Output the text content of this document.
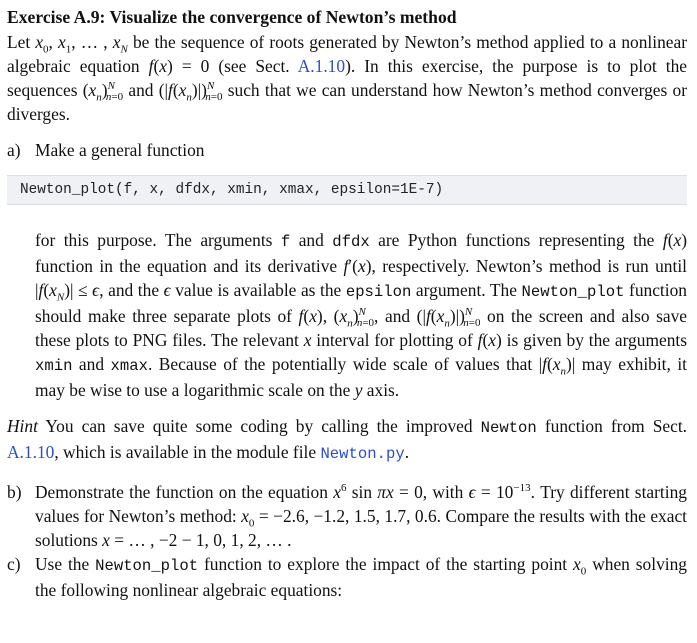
Exercise A.9: Visualize the convergence of Newton’s method

Let $x_0$, $x_1$, … , $x_N$ be the sequence of roots generated by Newton’s method applied to a nonlinear algebraic equation f(x) = 0 (see Sect. A.1.10). In this exercise, the purpose is to plot the sequences $(x_n)^N_{n=0}$ and $(|f(x_n)|)^N_{n=0}$ such that we can understand how Newton’s method converges or diverges.

a) Make a general function
Newton_plot(f, x, dfdx, xmin, xmax, epsilon=1E-7)

for this purpose. The arguments f and dfdx are Python functions representing the f(x) function in the equation and its derivative f′(x), respectively. Newton’s method is run until $|f(x_N)| \le \epsilon$, and the ϵ value is available as the epsilon argument. The Newton_plot function should make three separate plots of f(x), $(x_n)^N_{n=0}$, and $(|f(x_n)|)^N_{n=0}$ on the screen and also save these plots to PNG files. The relevant x interval for plotting of f(x) is given by the arguments xmin and xmax. Because of the potentially wide scale of values that $|f(x_n)|$ may exhibit, it may be wise to use a logarithmic scale on the y axis.

Hint You can save quite some coding by calling the improved Newton function from Sect. A.1.10, which is available in the module file Newton.py.

b) Demonstrate the function on the equation $x^6$ sin πx = 0, with $\epsilon = 10^{-13}$. Try different starting values for Newton’s method: $x_0 = -2.6$, −1.2, 1.5, 1.7, 0.6. Compare the results with the exact solutions x = … , −2 − 1, 0, 1, 2, … .
c) Use the Newton_plot function to explore the impact of the starting point $x_0$ when solving the following nonlinear algebraic equations:
